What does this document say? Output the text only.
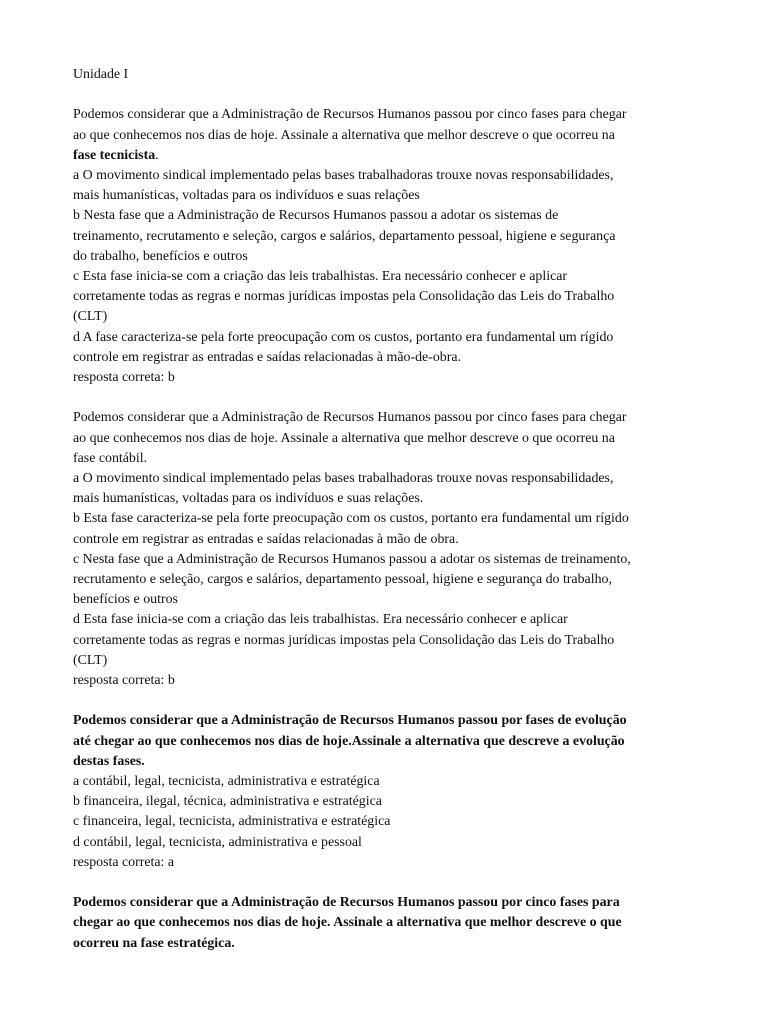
Unidade I
Podemos considerar que a Administração de Recursos Humanos passou por cinco fases para chegar
ao que conhecemos nos dias de hoje. Assinale a alternativa que melhor descreve o que ocorreu na
fase tecnicista.
a O movimento sindical implementado pelas bases trabalhadoras trouxe novas responsabilidades,
mais humanísticas, voltadas para os indivíduos e suas relações
b Nesta fase que a Administração de Recursos Humanos passou a adotar os sistemas de
treinamento, recrutamento e seleção, cargos e salários, departamento pessoal, higiene e segurança
do trabalho, benefícios e outros
c Esta fase inicia-se com a criação das leis trabalhistas. Era necessário conhecer e aplicar
corretamente todas as regras e normas jurídicas impostas pela Consolidação das Leis do Trabalho
(CLT)
d A fase caracteriza-se pela forte preocupação com os custos, portanto era fundamental um rígido
controle em registrar as entradas e saídas relacionadas à mão-de-obra.
resposta correta: b
Podemos considerar que a Administração de Recursos Humanos passou por cinco fases para chegar
ao que conhecemos nos dias de hoje. Assinale a alternativa que melhor descreve o que ocorreu na
fase contábil.
a O movimento sindical implementado pelas bases trabalhadoras trouxe novas responsabilidades,
mais humanísticas, voltadas para os indivíduos e suas relações.
b Esta fase caracteriza-se pela forte preocupação com os custos, portanto era fundamental um rígido
controle em registrar as entradas e saídas relacionadas à mão de obra.
c Nesta fase que a Administração de Recursos Humanos passou a adotar os sistemas de treinamento,
recrutamento e seleção, cargos e salários, departamento pessoal, higiene e segurança do trabalho,
benefícios e outros
d Esta fase inicia-se com a criação das leis trabalhistas. Era necessário conhecer e aplicar
corretamente todas as regras e normas jurídicas impostas pela Consolidação das Leis do Trabalho
(CLT)
resposta correta: b
Podemos considerar que a Administração de Recursos Humanos passou por fases de evolução
até chegar ao que conhecemos nos dias de hoje.Assinale a alternativa que descreve a evolução
destas fases.
a contábil, legal, tecnicista, administrativa e estratégica
b financeira, ilegal, técnica, administrativa e estratégica
c financeira, legal, tecnicista, administrativa e estratégica
d contábil, legal, tecnicista, administrativa e pessoal
resposta correta: a
Podemos considerar que a Administração de Recursos Humanos passou por cinco fases para
chegar ao que conhecemos nos dias de hoje. Assinale a alternativa que melhor descreve o que
ocorreu na fase estratégica.
